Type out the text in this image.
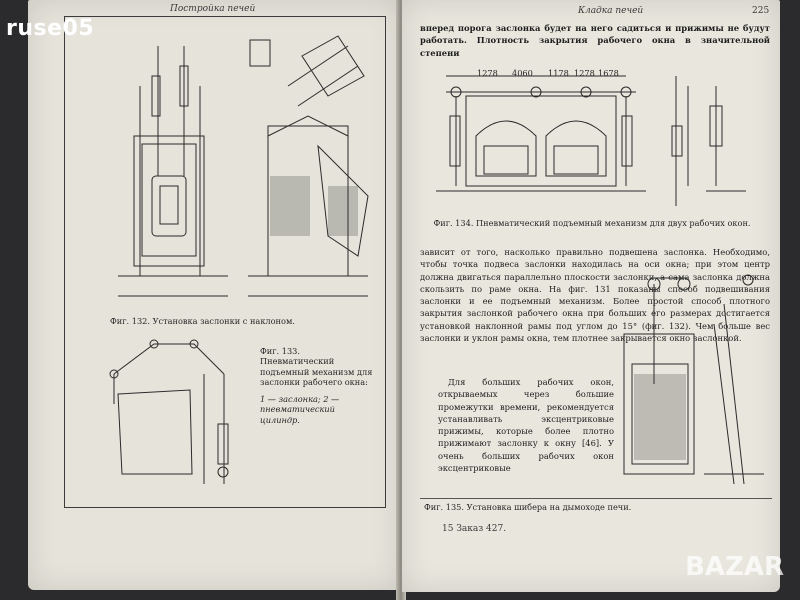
ruse05
BAZAR
Постройка печей
Фиг. 132. Установка заслонки с наклоном.
Фиг. 133. Пневматический подъемный механизм для заслонки рабочего окна:
1 — заслонка; 2 — пневматический цилиндр.
Кладка печей	225
вперед порога заслонка будет на него садиться и прижимы не будут работать. Плотность закрытия рабочего окна в значительной степени
1278 4060 1178 1278 1678
Фиг. 134. Пневматический подъемный механизм для двух рабочих окон.
зависит от того, насколько правильно подвешена заслонка. Необходимо, чтобы точка подвеса заслонки находилась на оси окна; при этом центр должна двигаться параллельно плоскости заслонки, а сама заслонка должна скользить по раме окна. На фиг. 131 показаны способ подвешивания заслонки и ее подъемный механизм. Более простой способ плотного закрытия заслонкой рабочего окна при больших его размерах достигается установкой наклонной рамы под углом до 15° (фиг. 132). Чем больше вес заслонки и уклон рамы окна, тем плотнее закрывается окно заслонкой.
Для больших рабочих окон, открываемых через большие промежутки времени, рекомендуется устанавливать эксцентриковые прижимы, которые более плотно прижимают заслонку к окну [46]. У очень больших рабочих окон эксцентриковые
Фиг. 135. Установка шибера на дымоходе печи.
15 Заказ 427.
